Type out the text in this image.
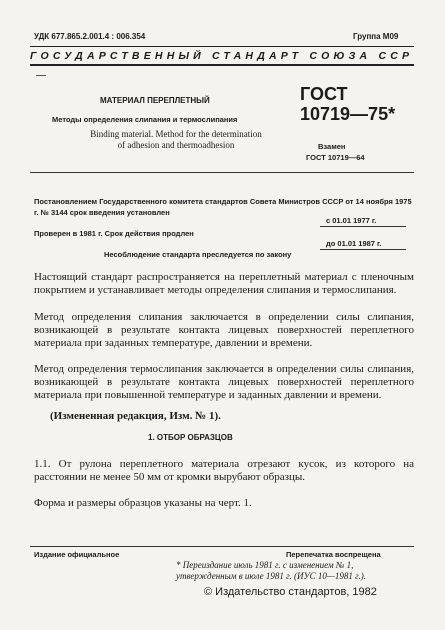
УДК 677.865.2.001.4 : 006.354	Группа М09
ГОСУДАРСТВЕННЫЙ СТАНДАРТ СОЮЗА ССР
МАТЕРИАЛ ПЕРЕПЛЕТНЫЙ
Методы определения слипания и термослипания
Binding material. Method for the determination
of adhesion and thermoadhesion
ГОСТ
10719—75*
Взамен
ГОСТ 10719—64
Постановлением Государственного комитета стандартов Совета Министров СССР от 14 ноября 1975 г. № 3144 срок введения установлен
с 01.01 1977 г.
Проверен в 1981 г. Срок действия продлен
до 01.01 1987 г.
Несоблюдение стандарта преследуется по закону
Настоящий стандарт распространяется на переплетный материал с пленочным покрытием и устанавливает методы определения слипания и термослипания.
Метод определения слипания заключается в определении силы слипания, возникающей в результате контакта лицевых поверхностей переплетного материала при заданных температуре, давлении и времени.
Метод определения термослипания заключается в определении силы слипания, возникающей в результате контакта лицевых поверхностей переплетного материала при повышенной температуре и заданных давлении и времени.
(Измененная редакция, Изм. № 1).
1. ОТБОР ОБРАЗЦОВ
1.1. От рулона переплетного материала отрезают кусок, из которого на расстоянии не менее 50 мм от кромки вырубают образцы.
Форма и размеры образцов указаны на черт. 1.
Издание официальное	Перепечатка воспрещена
* Переиздание июль 1981 г. с изменением № 1,
утвержденным в июле 1981 г. (ИУС 10—1981 г.).
© Издательство стандартов, 1982
